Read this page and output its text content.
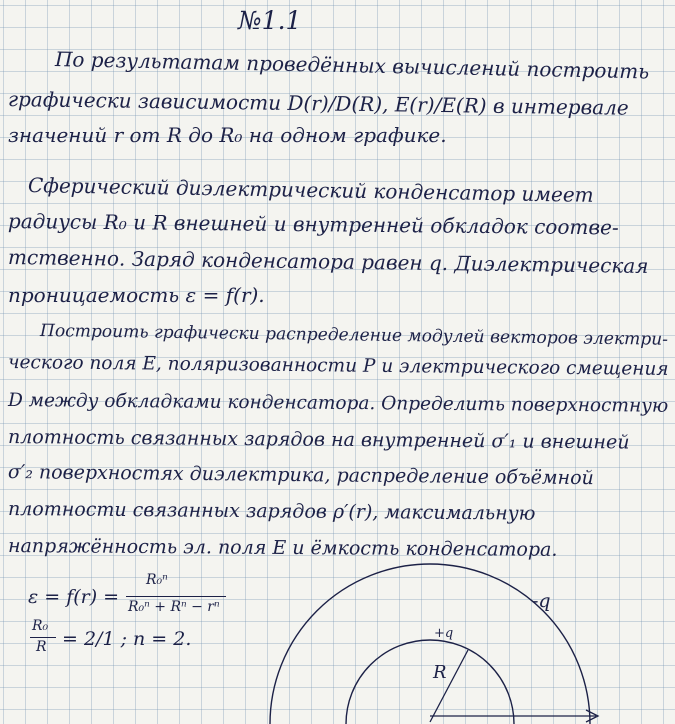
№1.1

По результатам проведённых вычислений построить

графически зависимости D(r)/D(R), E(r)/E(R) в интервале

значений r от R до R₀ на одном графике.

Сферический диэлектрический конденсатор имеет

радиусы R₀ и R внешней и внутренней обкладок соотве-

тственно. Заряд конденсатора равен q. Диэлектрическая

проницаемость ε = f(r).

Построить графически распределение модулей векторов электри-

ческого поля E, поляризованности P и электрического смещения

D между обкладками конденсатора. Определить поверхностную

плотность связанных зарядов на внутренней σ′₁ и внешней

σ′₂ поверхностях диэлектрика, распределение объёмной

плотности связанных зарядов ρ′(r), максимальную

напряжённость эл. поля E и ёмкость конденсатора.

ε = f(r) =
R₀ⁿ
R₀ⁿ + Rⁿ − rⁿ
R₀
R = 2/1 ; n = 2.
-q
+q
R
